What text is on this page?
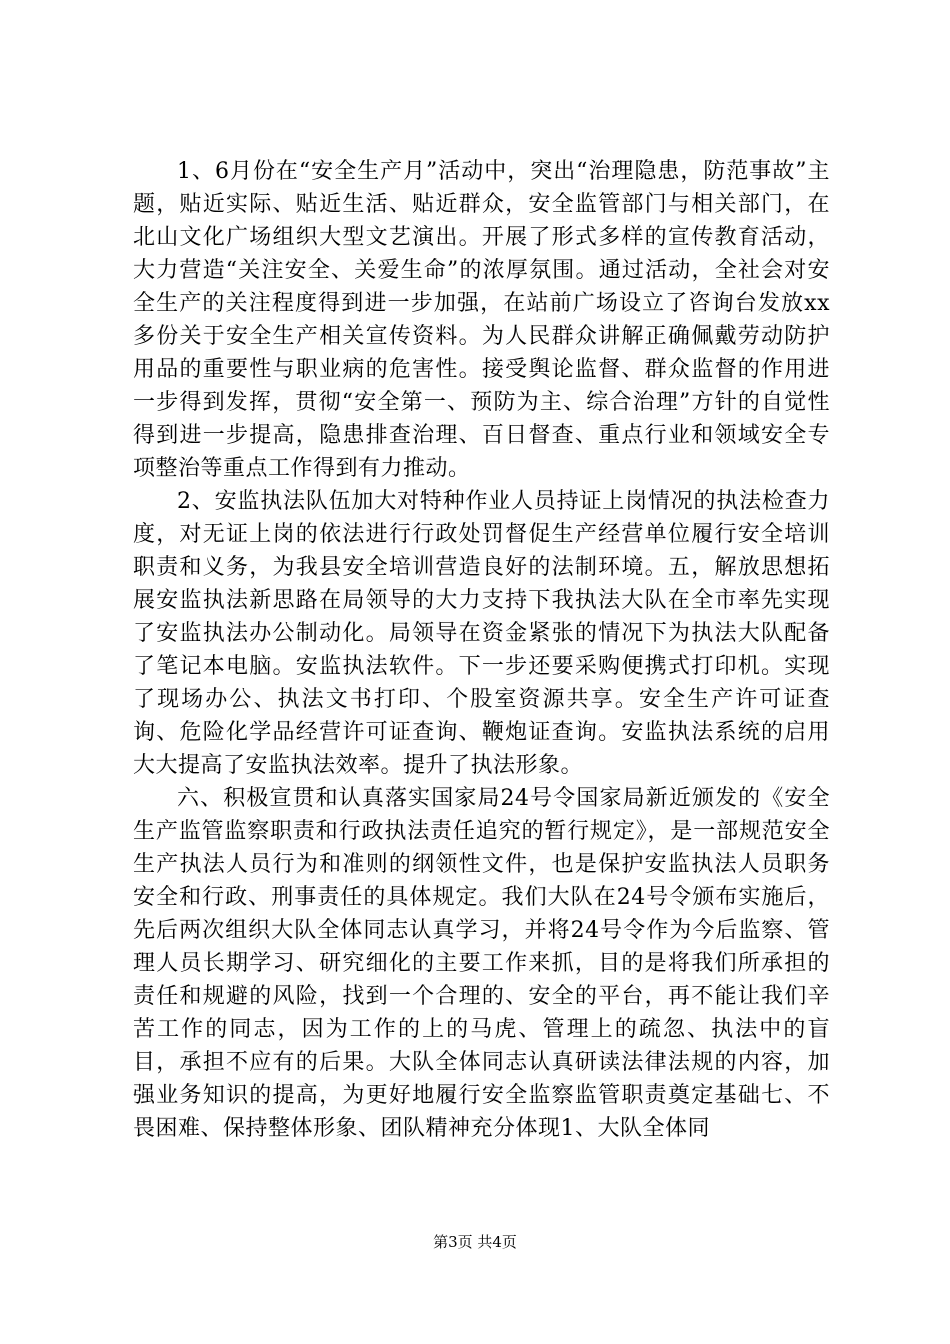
1、6月份在“安全生产月”活动中，突出“治理隐患，防范事故”主题，贴近实际、贴近生活、贴近群众，安全监管部门与相关部门，在北山文化广场组织大型文艺演出。开展了形式多样的宣传教育活动，大力营造“关注安全、关爱生命”的浓厚氛围。通过活动，全社会对安全生产的关注程度得到进一步加强，在站前广场设立了咨询台发放xx多份关于安全生产相关宣传资料。为人民群众讲解正确佩戴劳动防护用品的重要性与职业病的危害性。接受舆论监督、群众监督的作用进一步得到发挥，贯彻“安全第一、预防为主、综合治理”方针的自觉性得到进一步提高，隐患排查治理、百日督查、重点行业和领域安全专项整治等重点工作得到有力推动。

2、安监执法队伍加大对特种作业人员持证上岗情况的执法检查力度，对无证上岗的依法进行行政处罚督促生产经营单位履行安全培训职责和义务，为我县安全培训营造良好的法制环境。五，解放思想拓展安监执法新思路在局领导的大力支持下我执法大队在全市率先实现了安监执法办公制动化。局领导在资金紧张的情况下为执法大队配备了笔记本电脑。安监执法软件。下一步还要采购便携式打印机。实现了现场办公、执法文书打印、个股室资源共享。安全生产许可证查询、危险化学品经营许可证查询、鞭炮证查询。安监执法系统的启用大大提高了安监执法效率。提升了执法形象。

六、积极宣贯和认真落实国家局24号令国家局新近颁发的《安全生产监管监察职责和行政执法责任追究的暂行规定》，是一部规范安全生产执法人员行为和准则的纲领性文件，也是保护安监执法人员职务安全和行政、刑事责任的具体规定。我们大队在24号令颁布实施后，先后两次组织大队全体同志认真学习，并将24号令作为今后监察、管理人员长期学习、研究细化的主要工作来抓，目的是将我们所承担的责任和规避的风险，找到一个合理的、安全的平台，再不能让我们辛苦工作的同志，因为工作的上的马虎、管理上的疏忽、执法中的盲目，承担不应有的后果。大队全体同志认真研读法律法规的内容，加强业务知识的提高，为更好地履行安全监察监管职责奠定基础七、不畏困难、保持整体形象、团队精神充分体现1、大队全体同

第3页 共4页
